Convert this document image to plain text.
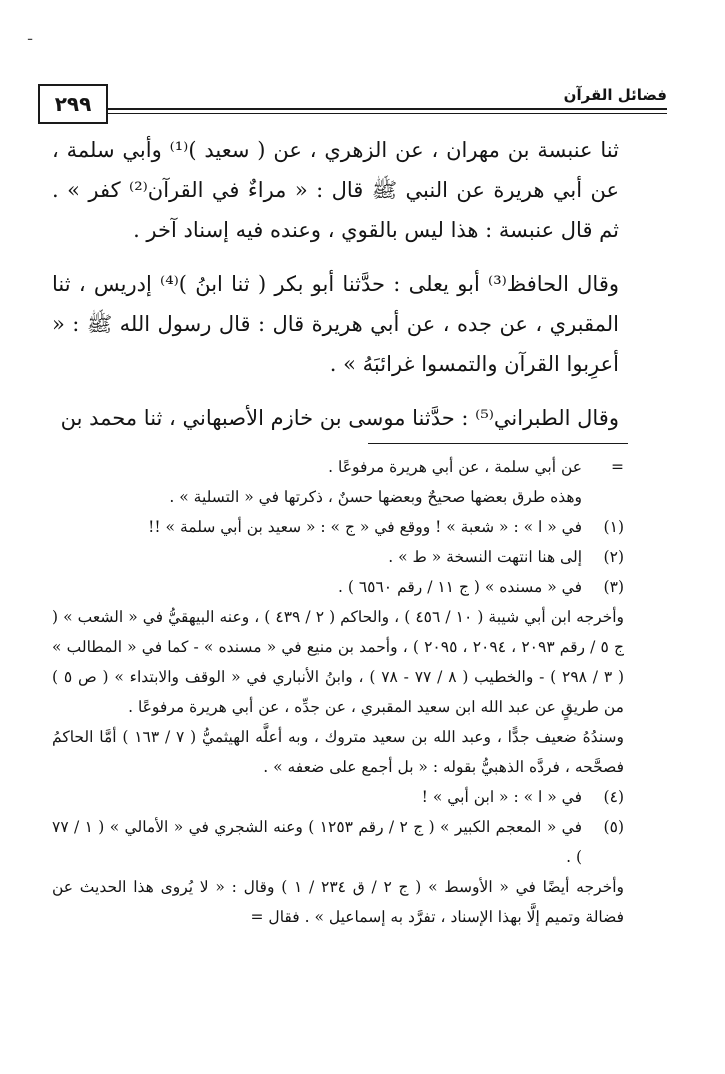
ـ
٢٩٩	فضائل القرآن

ثنا عنبسة بن مهران ، عن الزهري ، عن ( سعيد )⁽¹⁾ وأبي سلمة ، عن أبي هريرة عن النبي ﷺ قال : « مراءٌ في القرآن⁽²⁾ كفر » . ثم قال عنبسة : هذا ليس بالقوي ، وعنده فيه إسناد آخر .

وقال الحافظ⁽³⁾ أبو يعلى : حدَّثنا أبو بكر ( ثنا ابنُ )⁽⁴⁾ إدريس ، ثنا المقبري ، عن جده ، عن أبي هريرة قال : قال رسول الله ﷺ : « أعرِبوا القرآن والتمسوا غرائبَهُ » .

وقال الطبراني⁽⁵⁾ : حدَّثنا موسى بن خازم الأصبهاني ، ثنا محمد بن

=
عن أبي سلمة ، عن أبي هريرة مرفوعًا .
وهذه طرق بعضها صحيحٌ وبعضها حسنٌ ، ذكرتها في « التسلية » .
(١)
في « ا » : « شعبة » ! ووقع في « ج » : « سعيد بن أبي سلمة » !!
(٢)
إلى هنا انتهت النسخة « ط » .
(٣)
في « مسنده » ( ج ١١ / رقم ٦٥٦٠ ) .
وأخرجه ابن أبي شيبة ( ١٠ / ٤٥٦ ) ، والحاكم ( ٢ / ٤٣٩ ) ، وعنه البيهقيُّ في « الشعب » ( ج ٥ / رقم ٢٠٩٣ ، ٢٠٩٤ ، ٢٠٩٥ ) ، وأحمد بن منيع في « مسنده » - كما في « المطالب » ( ٣ / ٢٩٨ ) - والخطيب ( ٨ / ٧٧ - ٧٨ ) ، وابنُ الأنباري في « الوقف والابتداء » ( ص ٥ ) من طريقٍ عن عبد الله ابن سعيد المقبري ، عن جدِّه ، عن أبي هريرة مرفوعًا .
وسندُهُ ضعيف جدًّا ، وعبد الله بن سعيد متروك ، وبه أعلَّه الهيثميُّ ( ٧ / ١٦٣ ) أمَّا الحاكمُ فصحَّحه ، فردَّه الذهبيُّ بقوله : « بل أجمع على ضعفه » .
(٤)
في « ا » : « ابن أبي » !
(٥)
في « المعجم الكبير » ( ج ٢ / رقم ١٢٥٣ ) وعنه الشجري في « الأمالي » ( ١ / ٧٧ ) .
وأخرجه أيضًا في « الأوسط » ( ج ٢ / ق ٢٣٤ / ١ ) وقال : « لا يُروى هذا الحديث عن فضالة وتميم إلَّا بهذا الإسناد ، تفرَّد به إسماعيل » . فقال =
